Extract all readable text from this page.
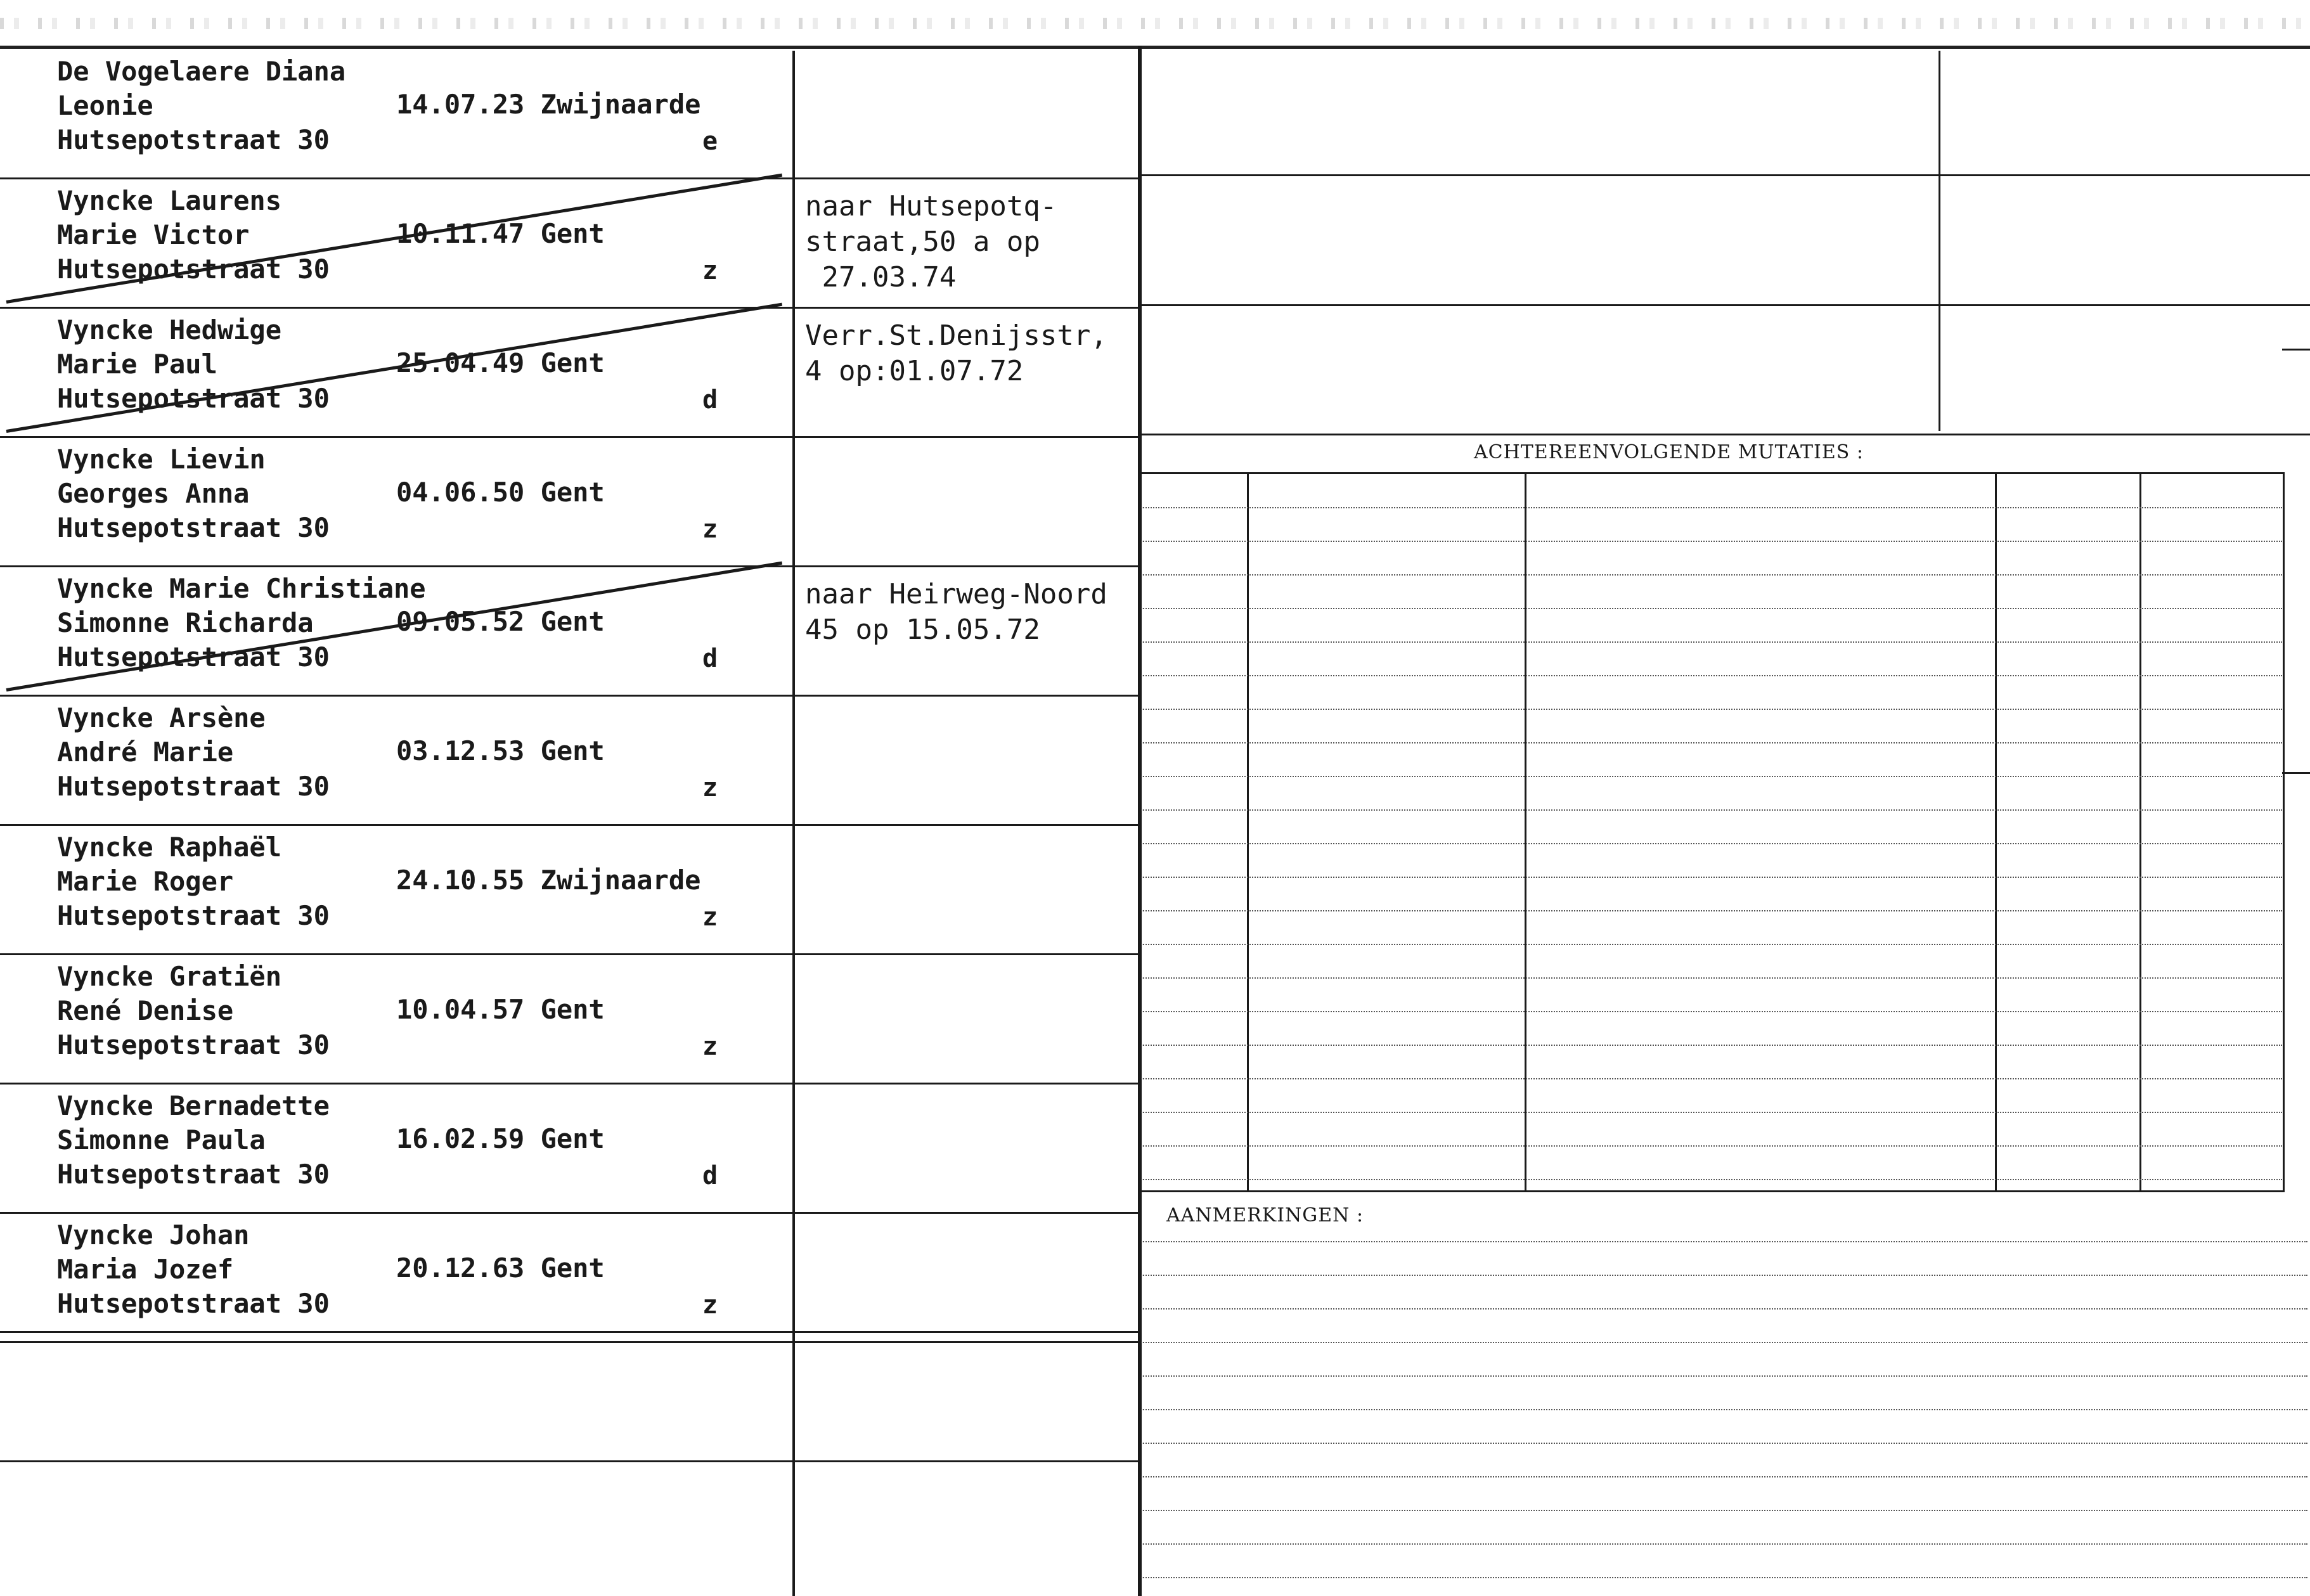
De Vogelaere Diana
Leonie
Hutsepotstraat 30
14.07.23 Zwijnaarde
e
Vyncke Laurens
Marie Victor
Hutsepotstraat 30
10.11.47 Gent
z
naar Hutsepotq-
straat,50 a op
27.03.74
Vyncke Hedwige
Marie Paul
Hutsepotstraat 30
25.04.49 Gent
d
Verr.St.Denijsstr,
4 op:01.07.72
Vyncke Lievin
Georges Anna
Hutsepotstraat 30
04.06.50 Gent
z
Vyncke Marie Christiane
Simonne Richarda
Hutsepotstraat 30
09.05.52 Gent
d
naar Heirweg-Noord
45 op 15.05.72
Vyncke Arsène
André Marie
Hutsepotstraat 30
03.12.53 Gent
z
Vyncke Raphaël
Marie Roger
Hutsepotstraat 30
24.10.55 Zwijnaarde
z
Vyncke Gratiën
René Denise
Hutsepotstraat 30
10.04.57 Gent
z
Vyncke Bernadette
Simonne Paula
Hutsepotstraat 30
16.02.59 Gent
d
Vyncke Johan
Maria Jozef
Hutsepotstraat 30
20.12.63 Gent
z
ACHTEREENVOLGENDE MUTATIES :
AANMERKINGEN :
